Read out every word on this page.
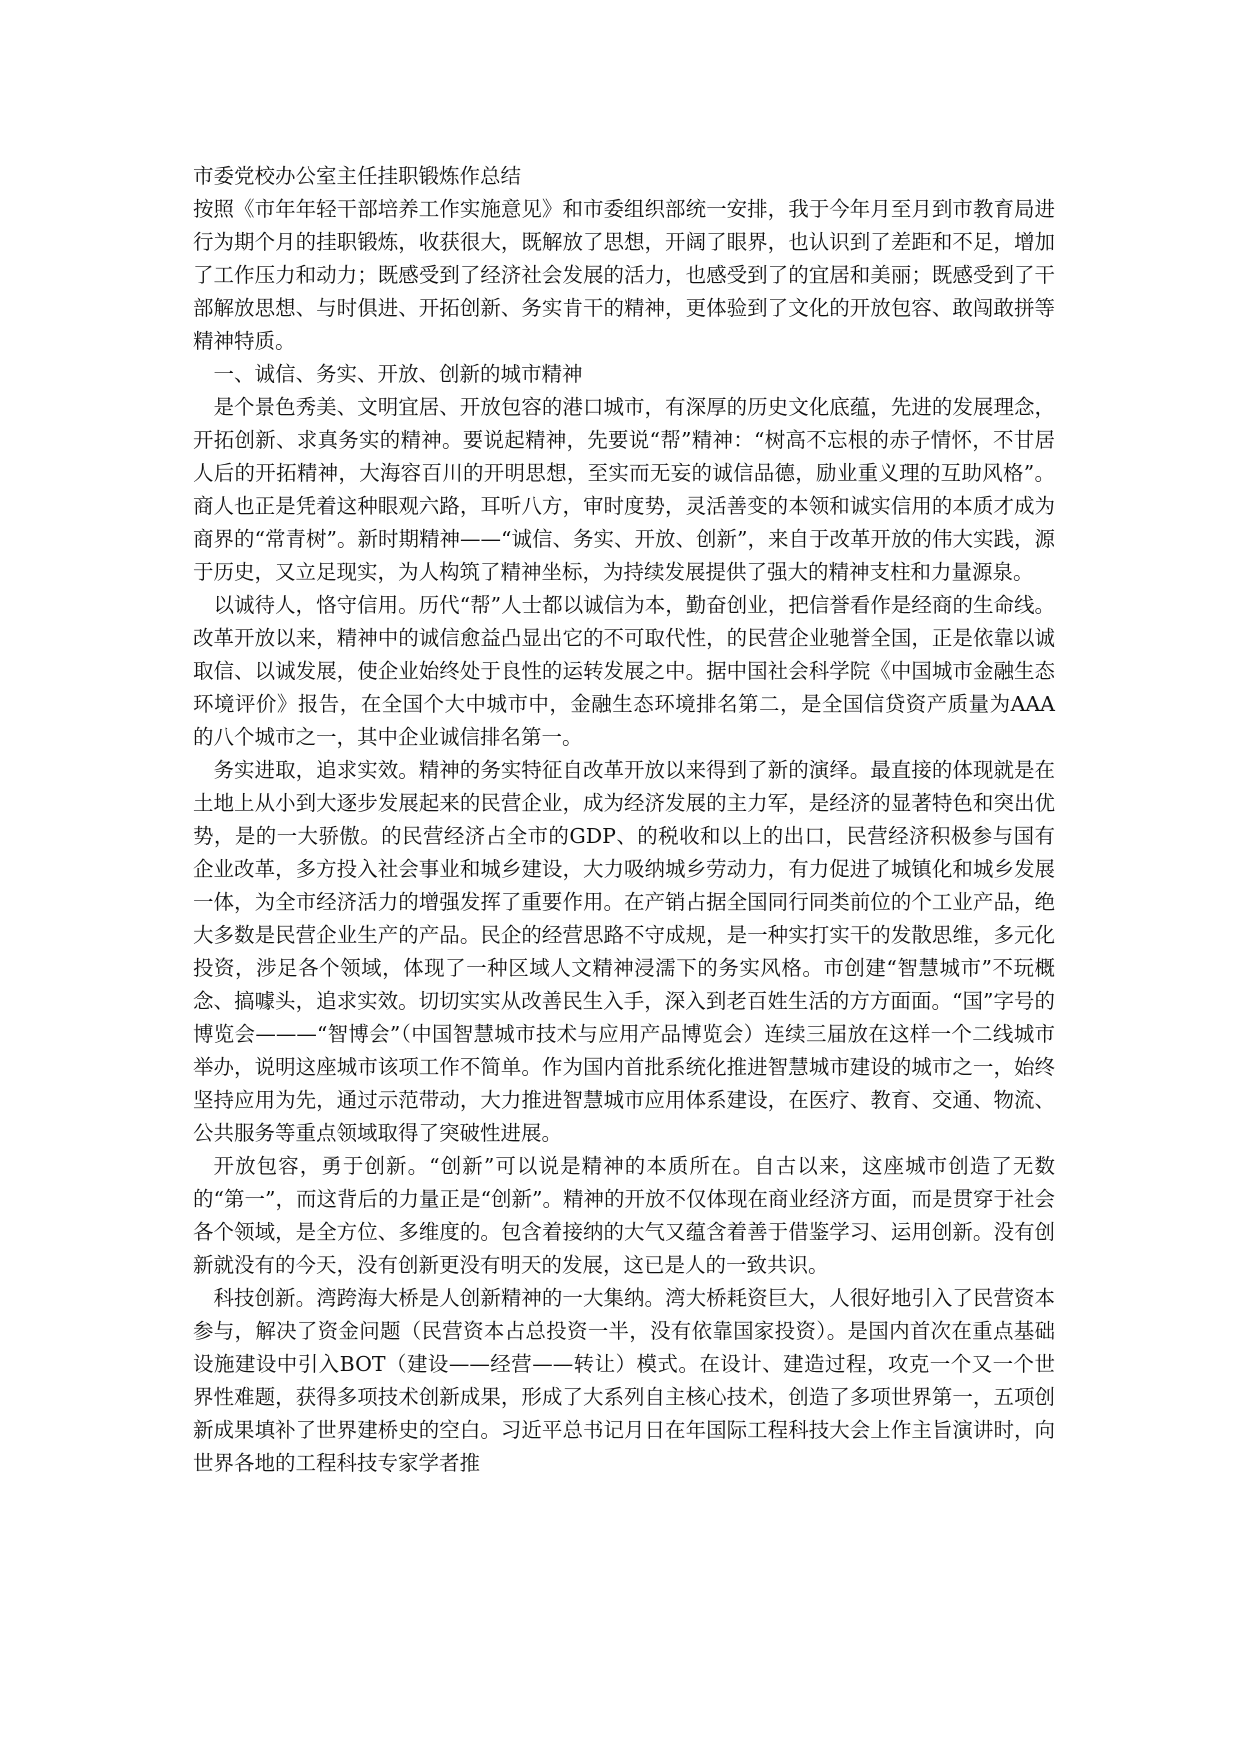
市委党校办公室主任挂职锻炼作总结

按照《市年年轻干部培养工作实施意见》和市委组织部统一安排，我于今年月至月到市教育局进行为期个月的挂职锻炼，收获很大，既解放了思想，开阔了眼界，也认识到了差距和不足，增加了工作压力和动力；既感受到了经济社会发展的活力，也感受到了的宜居和美丽；既感受到了干部解放思想、与时俱进、开拓创新、务实肯干的精神，更体验到了文化的开放包容、敢闯敢拼等精神特质。

一、诚信、务实、开放、创新的城市精神

是个景色秀美、文明宜居、开放包容的港口城市，有深厚的历史文化底蕴，先进的发展理念，开拓创新、求真务实的精神。要说起精神，先要说“帮”精神：“树高不忘根的赤子情怀，不甘居人后的开拓精神，大海容百川的开明思想，至实而无妄的诚信品德，励业重义理的互助风格”。商人也正是凭着这种眼观六路，耳听八方，审时度势，灵活善变的本领和诚实信用的本质才成为商界的“常青树”。新时期精神——“诚信、务实、开放、创新”，来自于改革开放的伟大实践，源于历史，又立足现实，为人构筑了精神坐标，为持续发展提供了强大的精神支柱和力量源泉。

以诚待人，恪守信用。历代“帮”人士都以诚信为本，勤奋创业，把信誉看作是经商的生命线。改革开放以来，精神中的诚信愈益凸显出它的不可取代性，的民营企业驰誉全国，正是依靠以诚取信、以诚发展，使企业始终处于良性的运转发展之中。据中国社会科学院《中国城市金融生态环境评价》报告，在全国个大中城市中，金融生态环境排名第二，是全国信贷资产质量为AAA的八个城市之一，其中企业诚信排名第一。

务实进取，追求实效。精神的务实特征自改革开放以来得到了新的演绎。最直接的体现就是在土地上从小到大逐步发展起来的民营企业，成为经济发展的主力军，是经济的显著特色和突出优势，是的一大骄傲。的民营经济占全市的GDP、的税收和以上的出口，民营经济积极参与国有企业改革，多方投入社会事业和城乡建设，大力吸纳城乡劳动力，有力促进了城镇化和城乡发展一体，为全市经济活力的增强发挥了重要作用。在产销占据全国同行同类前位的个工业产品，绝大多数是民营企业生产的产品。民企的经营思路不守成规，是一种实打实干的发散思维，多元化投资，涉足各个领域，体现了一种区域人文精神浸濡下的务实风格。市创建“智慧城市”不玩概念、搞噱头，追求实效。切切实实从改善民生入手，深入到老百姓生活的方方面面。“国”字号的博览会———“智博会”（中国智慧城市技术与应用产品博览会）连续三届放在这样一个二线城市举办，说明这座城市该项工作不简单。作为国内首批系统化推进智慧城市建设的城市之一，始终坚持应用为先，通过示范带动，大力推进智慧城市应用体系建设，在医疗、教育、交通、物流、公共服务等重点领域取得了突破性进展。

开放包容，勇于创新。“创新”可以说是精神的本质所在。自古以来，这座城市创造了无数的“第一”，而这背后的力量正是“创新”。精神的开放不仅体现在商业经济方面，而是贯穿于社会各个领域，是全方位、多维度的。包含着接纳的大气又蕴含着善于借鉴学习、运用创新。没有创新就没有的今天，没有创新更没有明天的发展，这已是人的一致共识。

科技创新。湾跨海大桥是人创新精神的一大集纳。湾大桥耗资巨大，人很好地引入了民营资本参与，解决了资金问题（民营资本占总投资一半，没有依靠国家投资）。是国内首次在重点基础设施建设中引入BOT（建设——经营——转让）模式。在设计、建造过程，攻克一个又一个世界性难题，获得多项技术创新成果，形成了大系列自主核心技术，创造了多项世界第一，五项创新成果填补了世界建桥史的空白。习近平总书记月日在年国际工程科技大会上作主旨演讲时，向世界各地的工程科技专家学者推
